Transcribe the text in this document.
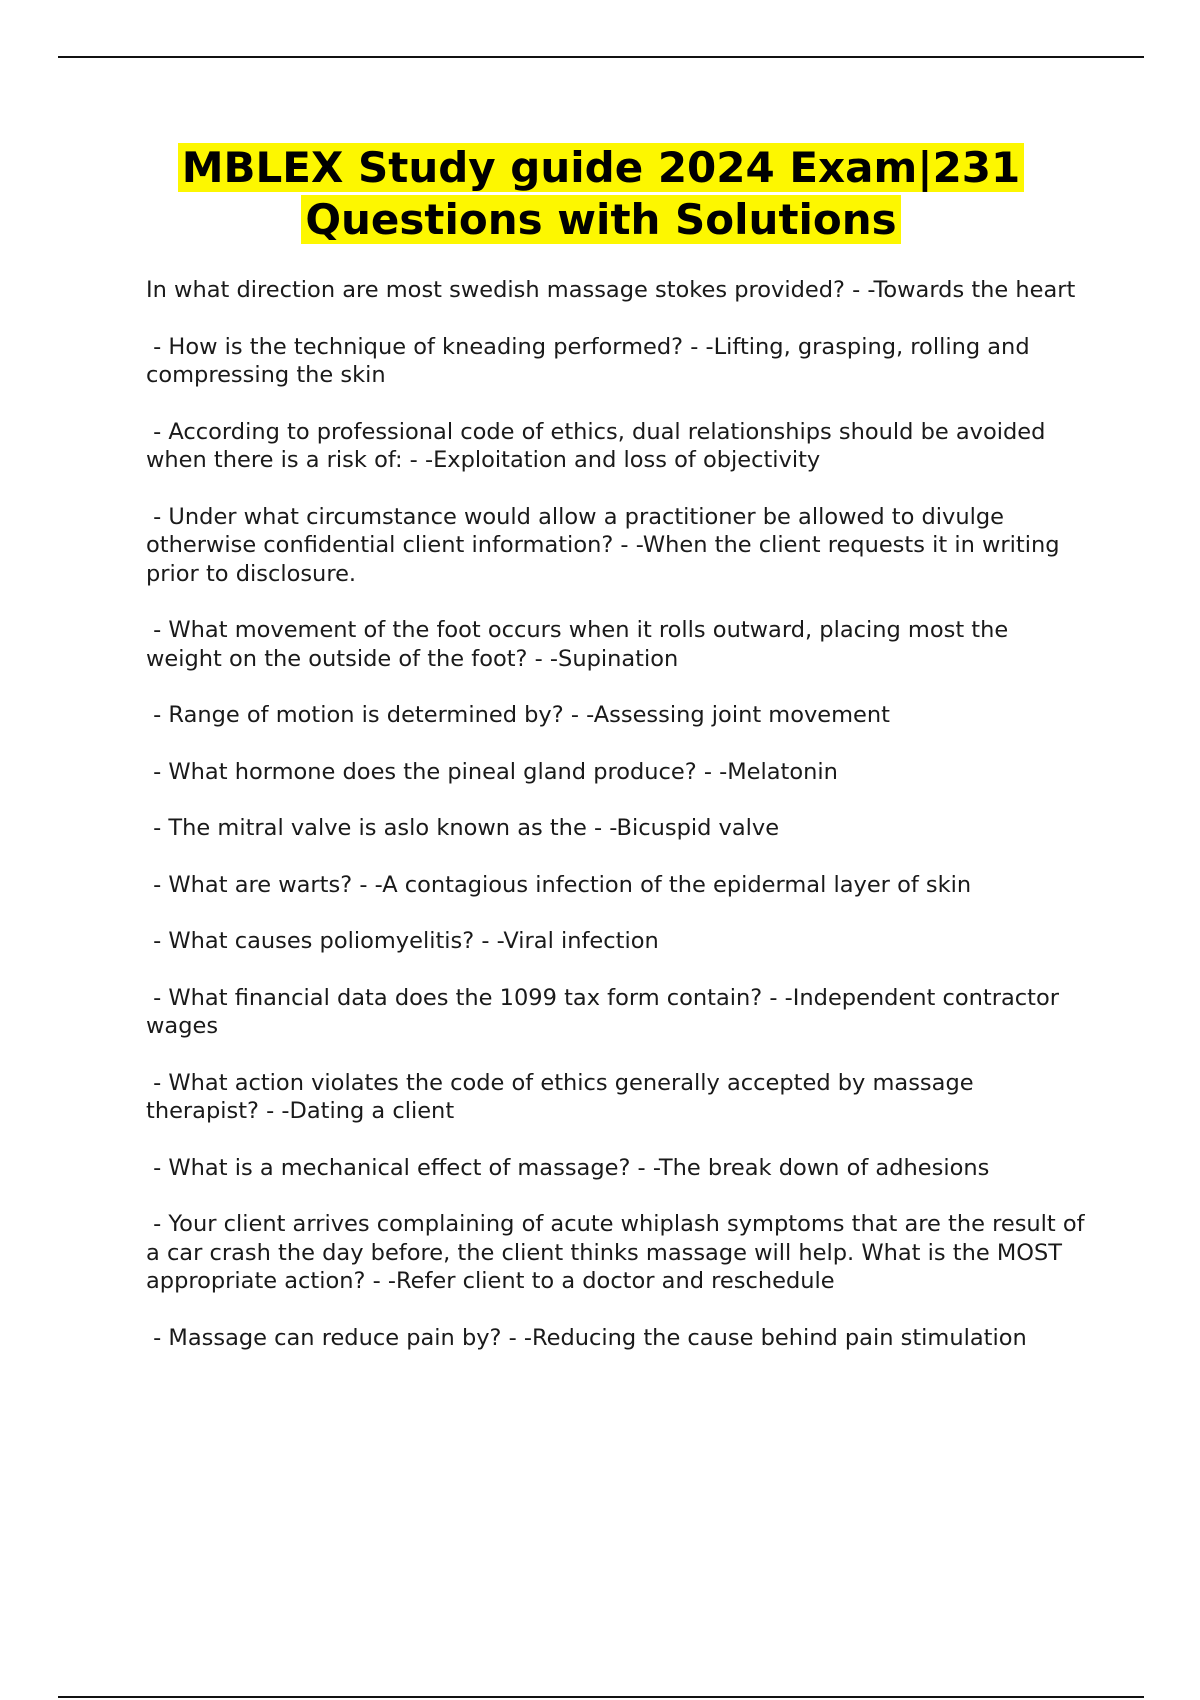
MBLEX Study guide 2024 Exam|231
Questions with Solutions

In what direction are most swedish massage stokes provided? - -Towards the heart

- How is the technique of kneading performed? - -Lifting, grasping, rolling and compressing the skin

- According to professional code of ethics, dual relationships should be avoided when there is a risk of: - -Exploitation and loss of objectivity

- Under what circumstance would allow a practitioner be allowed to divulge otherwise confidential client information? - -When the client requests it in writing prior to disclosure.

- What movement of the foot occurs when it rolls outward, placing most the weight on the outside of the foot? - -Supination

- Range of motion is determined by? - -Assessing joint movement

- What hormone does the pineal gland produce? - -Melatonin

- The mitral valve is aslo known as the - -Bicuspid valve

- What are warts? - -A contagious infection of the epidermal layer of skin

- What causes poliomyelitis? - -Viral infection

- What financial data does the 1099 tax form contain? - -Independent contractor wages

- What action violates the code of ethics generally accepted by massage therapist? - -Dating a client

- What is a mechanical effect of massage? - -The break down of adhesions

- Your client arrives complaining of acute whiplash symptoms that are the result of a car crash the day before, the client thinks massage will help. What is the MOST appropriate action? - -Refer client to a doctor and reschedule

- Massage can reduce pain by? - -Reducing the cause behind pain stimulation
